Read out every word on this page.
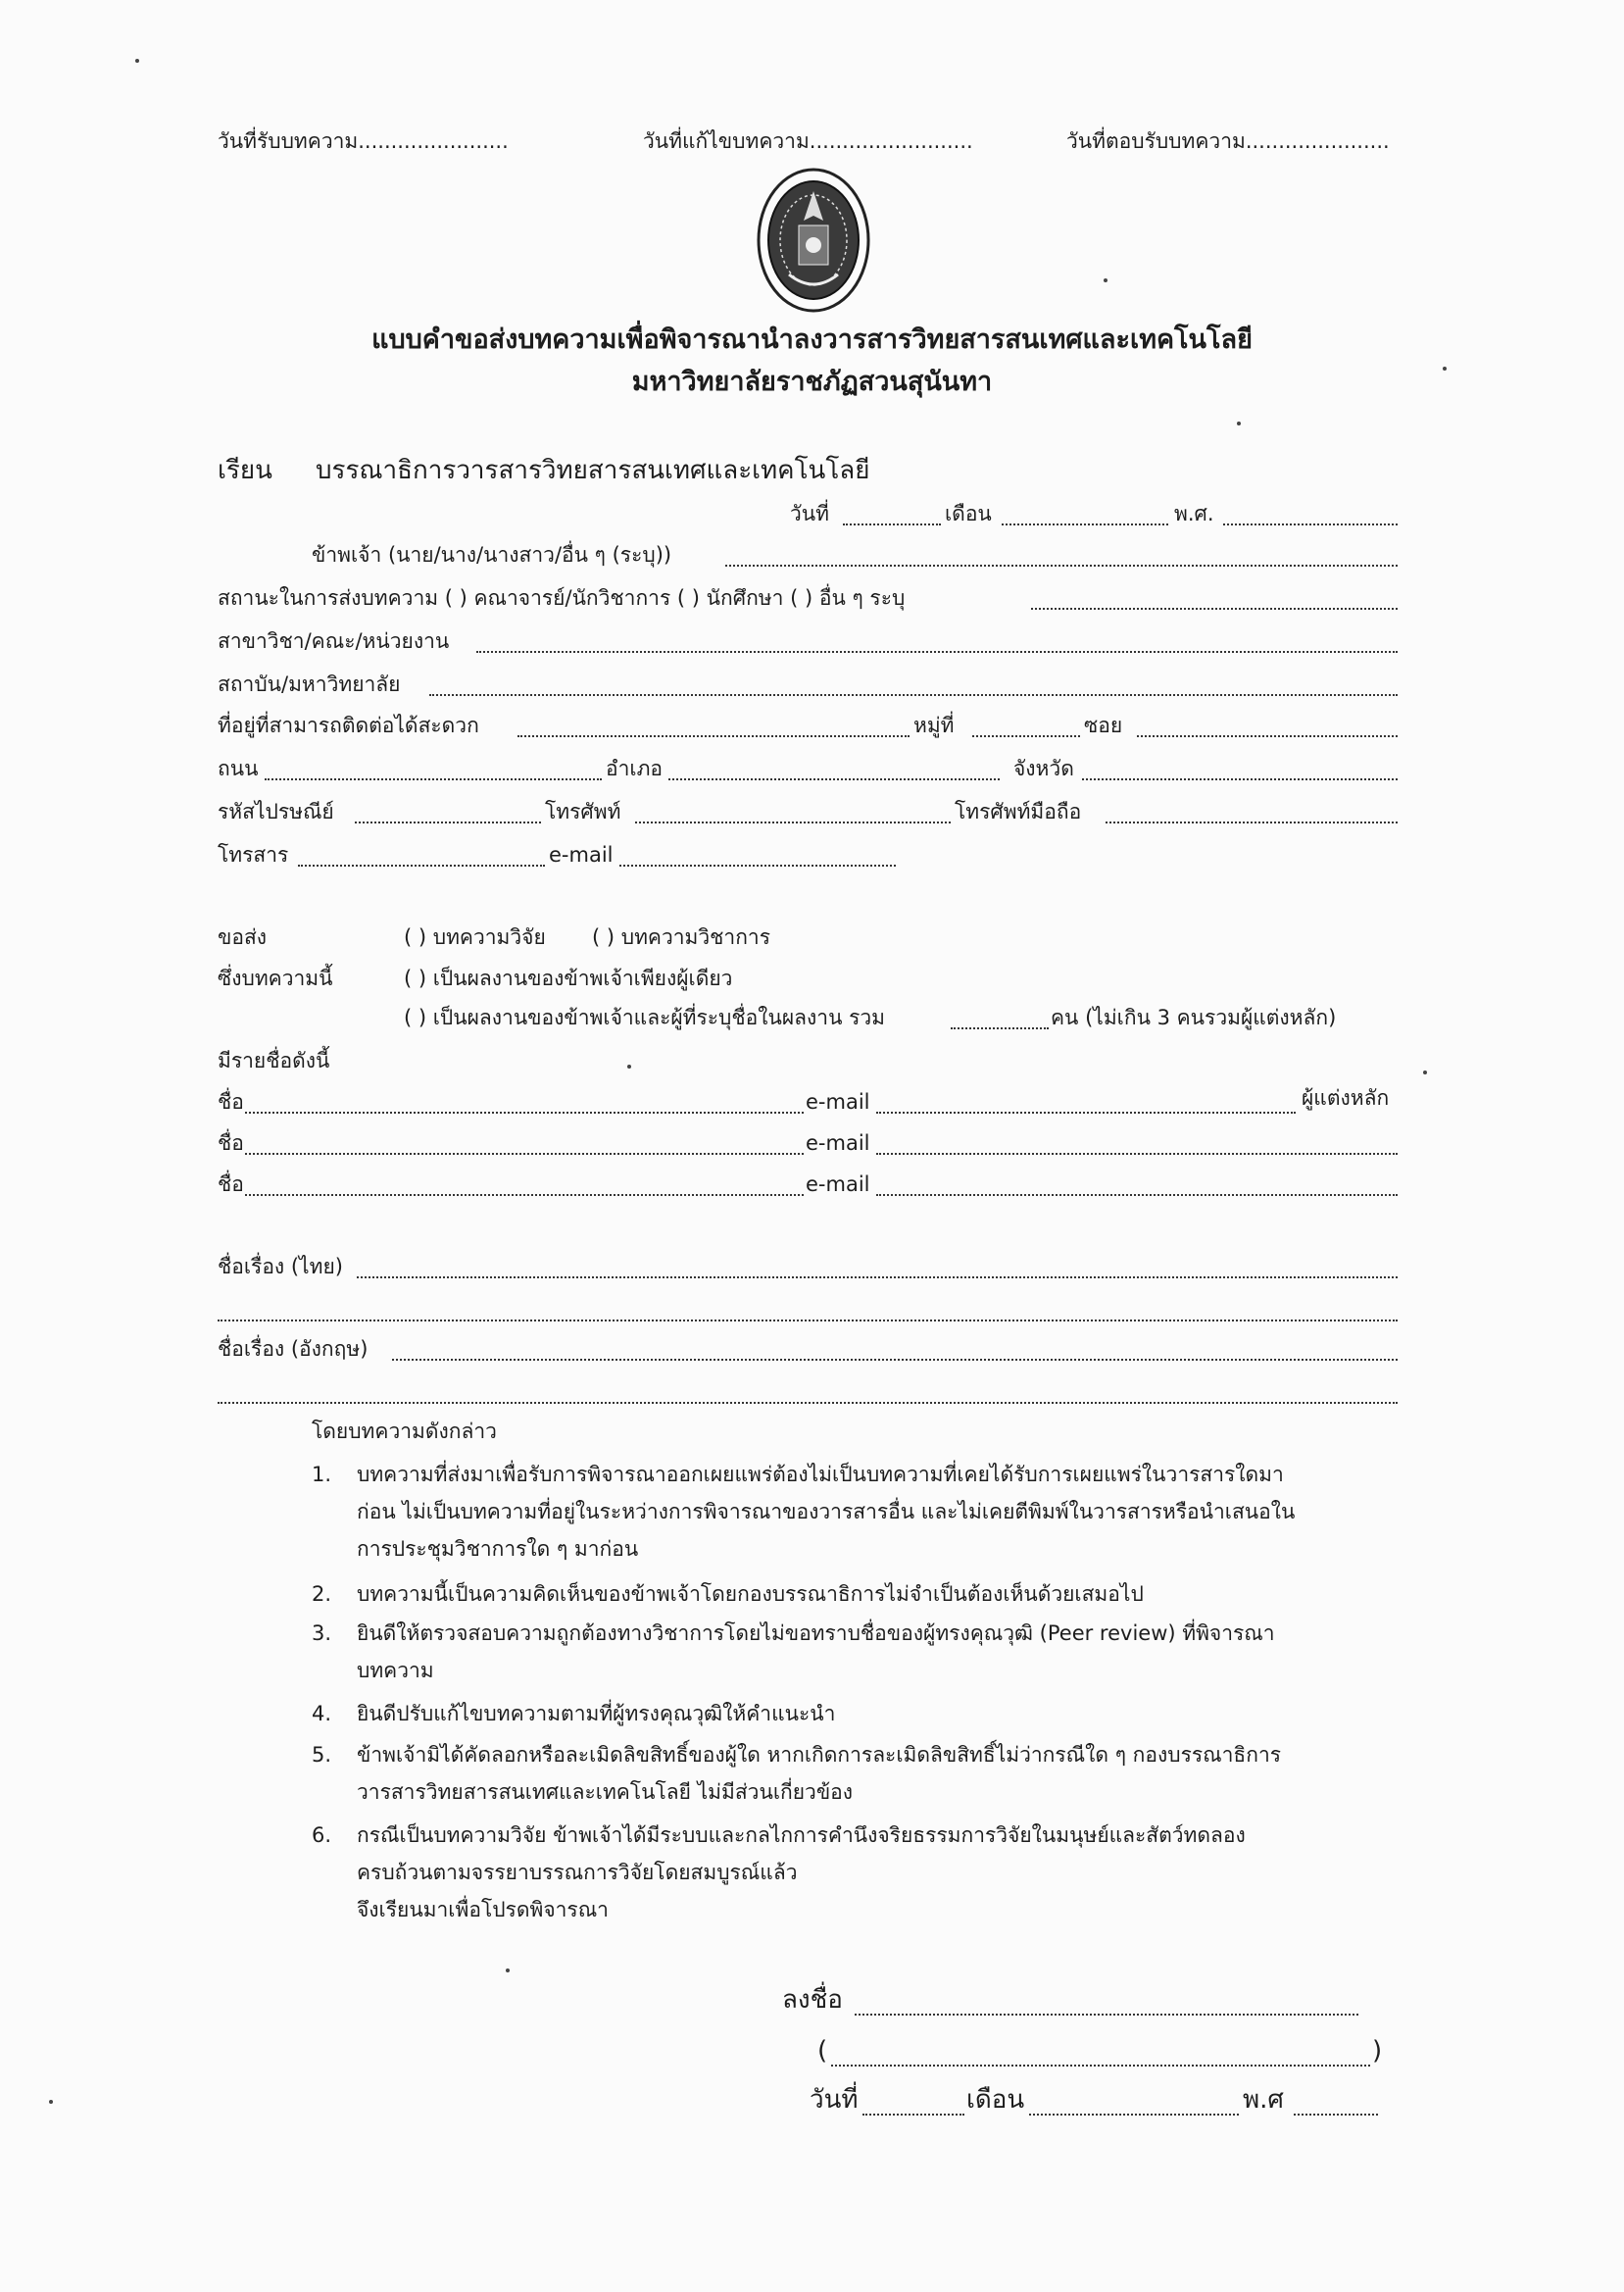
วันที่รับบทความ.......................	วันที่แก้ไขบทความ.........................	วันที่ตอบรับบทความ......................
แบบคำขอส่งบทความเพื่อพิจารณานำลงวารสารวิทยสารสนเทศและเทคโนโลยี
มหาวิทยาลัยราชภัฏสวนสุนันทา
เรียน บรรณาธิการวารสารวิทยสารสนเทศและเทคโนโลยี
วันที่	เดือน	พ.ศ.
ข้าพเจ้า (นาย/นาง/นางสาว/อื่น ๆ (ระบุ))
สถานะในการส่งบทความ ( ) คณาจารย์/นักวิชาการ ( ) นักศึกษา ( ) อื่น ๆ ระบุ
สาขาวิชา/คณะ/หน่วยงาน
สถาบัน/มหาวิทยาลัย
ที่อยู่ที่สามารถติดต่อได้สะดวก	หมู่ที่	ซอย
ถนน	อำเภอ	จังหวัด
รหัสไปรษณีย์	โทรศัพท์	โทรศัพท์มือถือ
โทรสาร	e-mail
ขอส่ง	( ) บทความวิจัย ( ) บทความวิชาการ
ซึ่งบทความนี้	( ) เป็นผลงานของข้าพเจ้าเพียงผู้เดียว
( ) เป็นผลงานของข้าพเจ้าและผู้ที่ระบุชื่อในผลงาน รวม	คน (ไม่เกิน 3 คนรวมผู้แต่งหลัก)
มีรายชื่อดังนี้
ชื่อ	e-mail	ผู้แต่งหลัก
ชื่อ	e-mail
ชื่อ	e-mail
ชื่อเรื่อง (ไทย)
ชื่อเรื่อง (อังกฤษ)
โดยบทความดังกล่าว
1. บทความที่ส่งมาเพื่อรับการพิจารณาออกเผยแพร่ต้องไม่เป็นบทความที่เคยได้รับการเผยแพร่ในวารสารใดมา
ก่อน ไม่เป็นบทความที่อยู่ในระหว่างการพิจารณาของวารสารอื่น และไม่เคยตีพิมพ์ในวารสารหรือนำเสนอใน
การประชุมวิชาการใด ๆ มาก่อน
2. บทความนี้เป็นความคิดเห็นของข้าพเจ้าโดยกองบรรณาธิการไม่จำเป็นต้องเห็นด้วยเสมอไป
3. ยินดีให้ตรวจสอบความถูกต้องทางวิชาการโดยไม่ขอทราบชื่อของผู้ทรงคุณวุฒิ (Peer review) ที่พิจารณา
บทความ
4. ยินดีปรับแก้ไขบทความตามที่ผู้ทรงคุณวุฒิให้คำแนะนำ
5. ข้าพเจ้ามิได้คัดลอกหรือละเมิดลิขสิทธิ์ของผู้ใด หากเกิดการละเมิดลิขสิทธิ์ไม่ว่ากรณีใด ๆ กองบรรณาธิการ
วารสารวิทยสารสนเทศและเทคโนโลยี ไม่มีส่วนเกี่ยวข้อง
6. กรณีเป็นบทความวิจัย ข้าพเจ้าได้มีระบบและกลไกการคำนึงจริยธรรมการวิจัยในมนุษย์และสัตว์ทดลอง
ครบถ้วนตามจรรยาบรรณการวิจัยโดยสมบูรณ์แล้ว
จึงเรียนมาเพื่อโปรดพิจารณา
ลงชื่อ
(	)
วันที่	เดือน	พ.ศ
